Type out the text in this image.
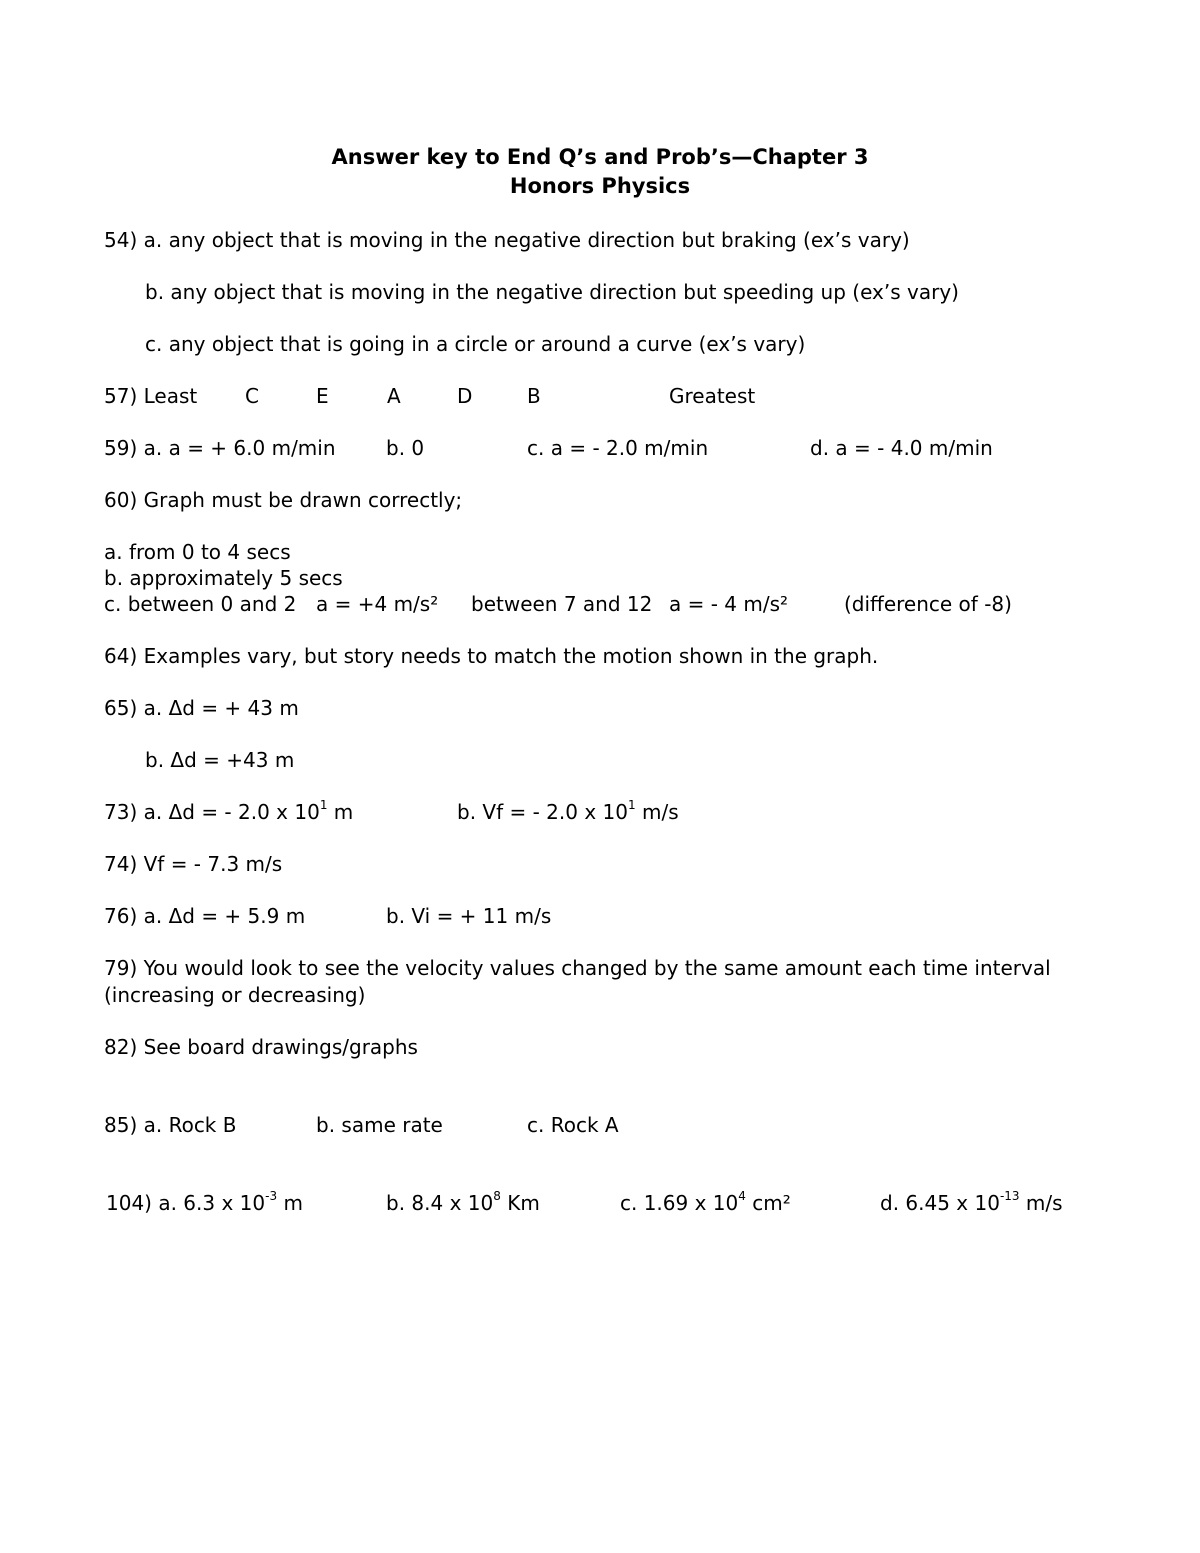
Answer key to End Q’s and Prob’s—Chapter 3
Honors Physics
54) a. any object that is moving in the negative direction but braking (ex’s vary)
b. any object that is moving in the negative direction but speeding up (ex’s vary)
c. any object that is going in a circle or around a curve (ex’s vary)
57) Least C	E	A	D	B	Greatest
59) a. a = + 6.0 m/min	b. 0	c. a = - 2.0 m/min	d. a = - 4.0 m/min
60) Graph must be drawn correctly;
a. from 0 to 4 secs
b. approximately 5 secs
c. between 0 and 2 a = +4 m/s² between 7 and 12 a = - 4 m/s²	(difference of -8)
64) Examples vary, but story needs to match the motion shown in the graph.
65) a. Δd = + 43 m
b. Δd = +43 m
73) a. Δd = - 2.0 x $10^1$ m	b. Vf = - 2.0 x $10^1$ m/s
74) Vf = - 7.3 m/s
76) a. Δd = + 5.9 m	b. Vi = + 11 m/s
79) You would look to see the velocity values changed by the same amount each time interval
(increasing or decreasing)
82) See board drawings/graphs
85) a. Rock B	b. same rate	c. Rock A
104) a. 6.3 x $10^{-3}$ m	b. 8.4 x $10^8$ Km	c. 1.69 x $10^4$ cm²	d. 6.45 x $10^{-13}$ m/s
